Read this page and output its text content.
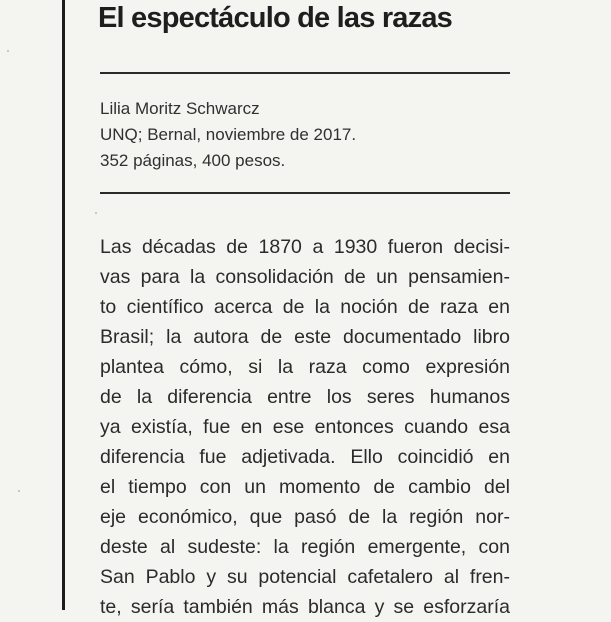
El espectáculo de las razas
Lilia Moritz Schwarcz
UNQ; Bernal, noviembre de 2017.
352 páginas, 400 pesos.
Las décadas de 1870 a 1930 fueron decisi-
vas para la consolidación de un pensamien-
to científico acerca de la noción de raza en
Brasil; la autora de este documentado libro
plantea cómo, si la raza como expresión
de la diferencia entre los seres humanos
ya existía, fue en ese entonces cuando esa
diferencia fue adjetivada. Ello coincidió en
el tiempo con un momento de cambio del
eje económico, que pasó de la región nor-
deste al sudeste: la región emergente, con
San Pablo y su potencial cafetalero al fren-
te, sería también más blanca y se esforzaría
